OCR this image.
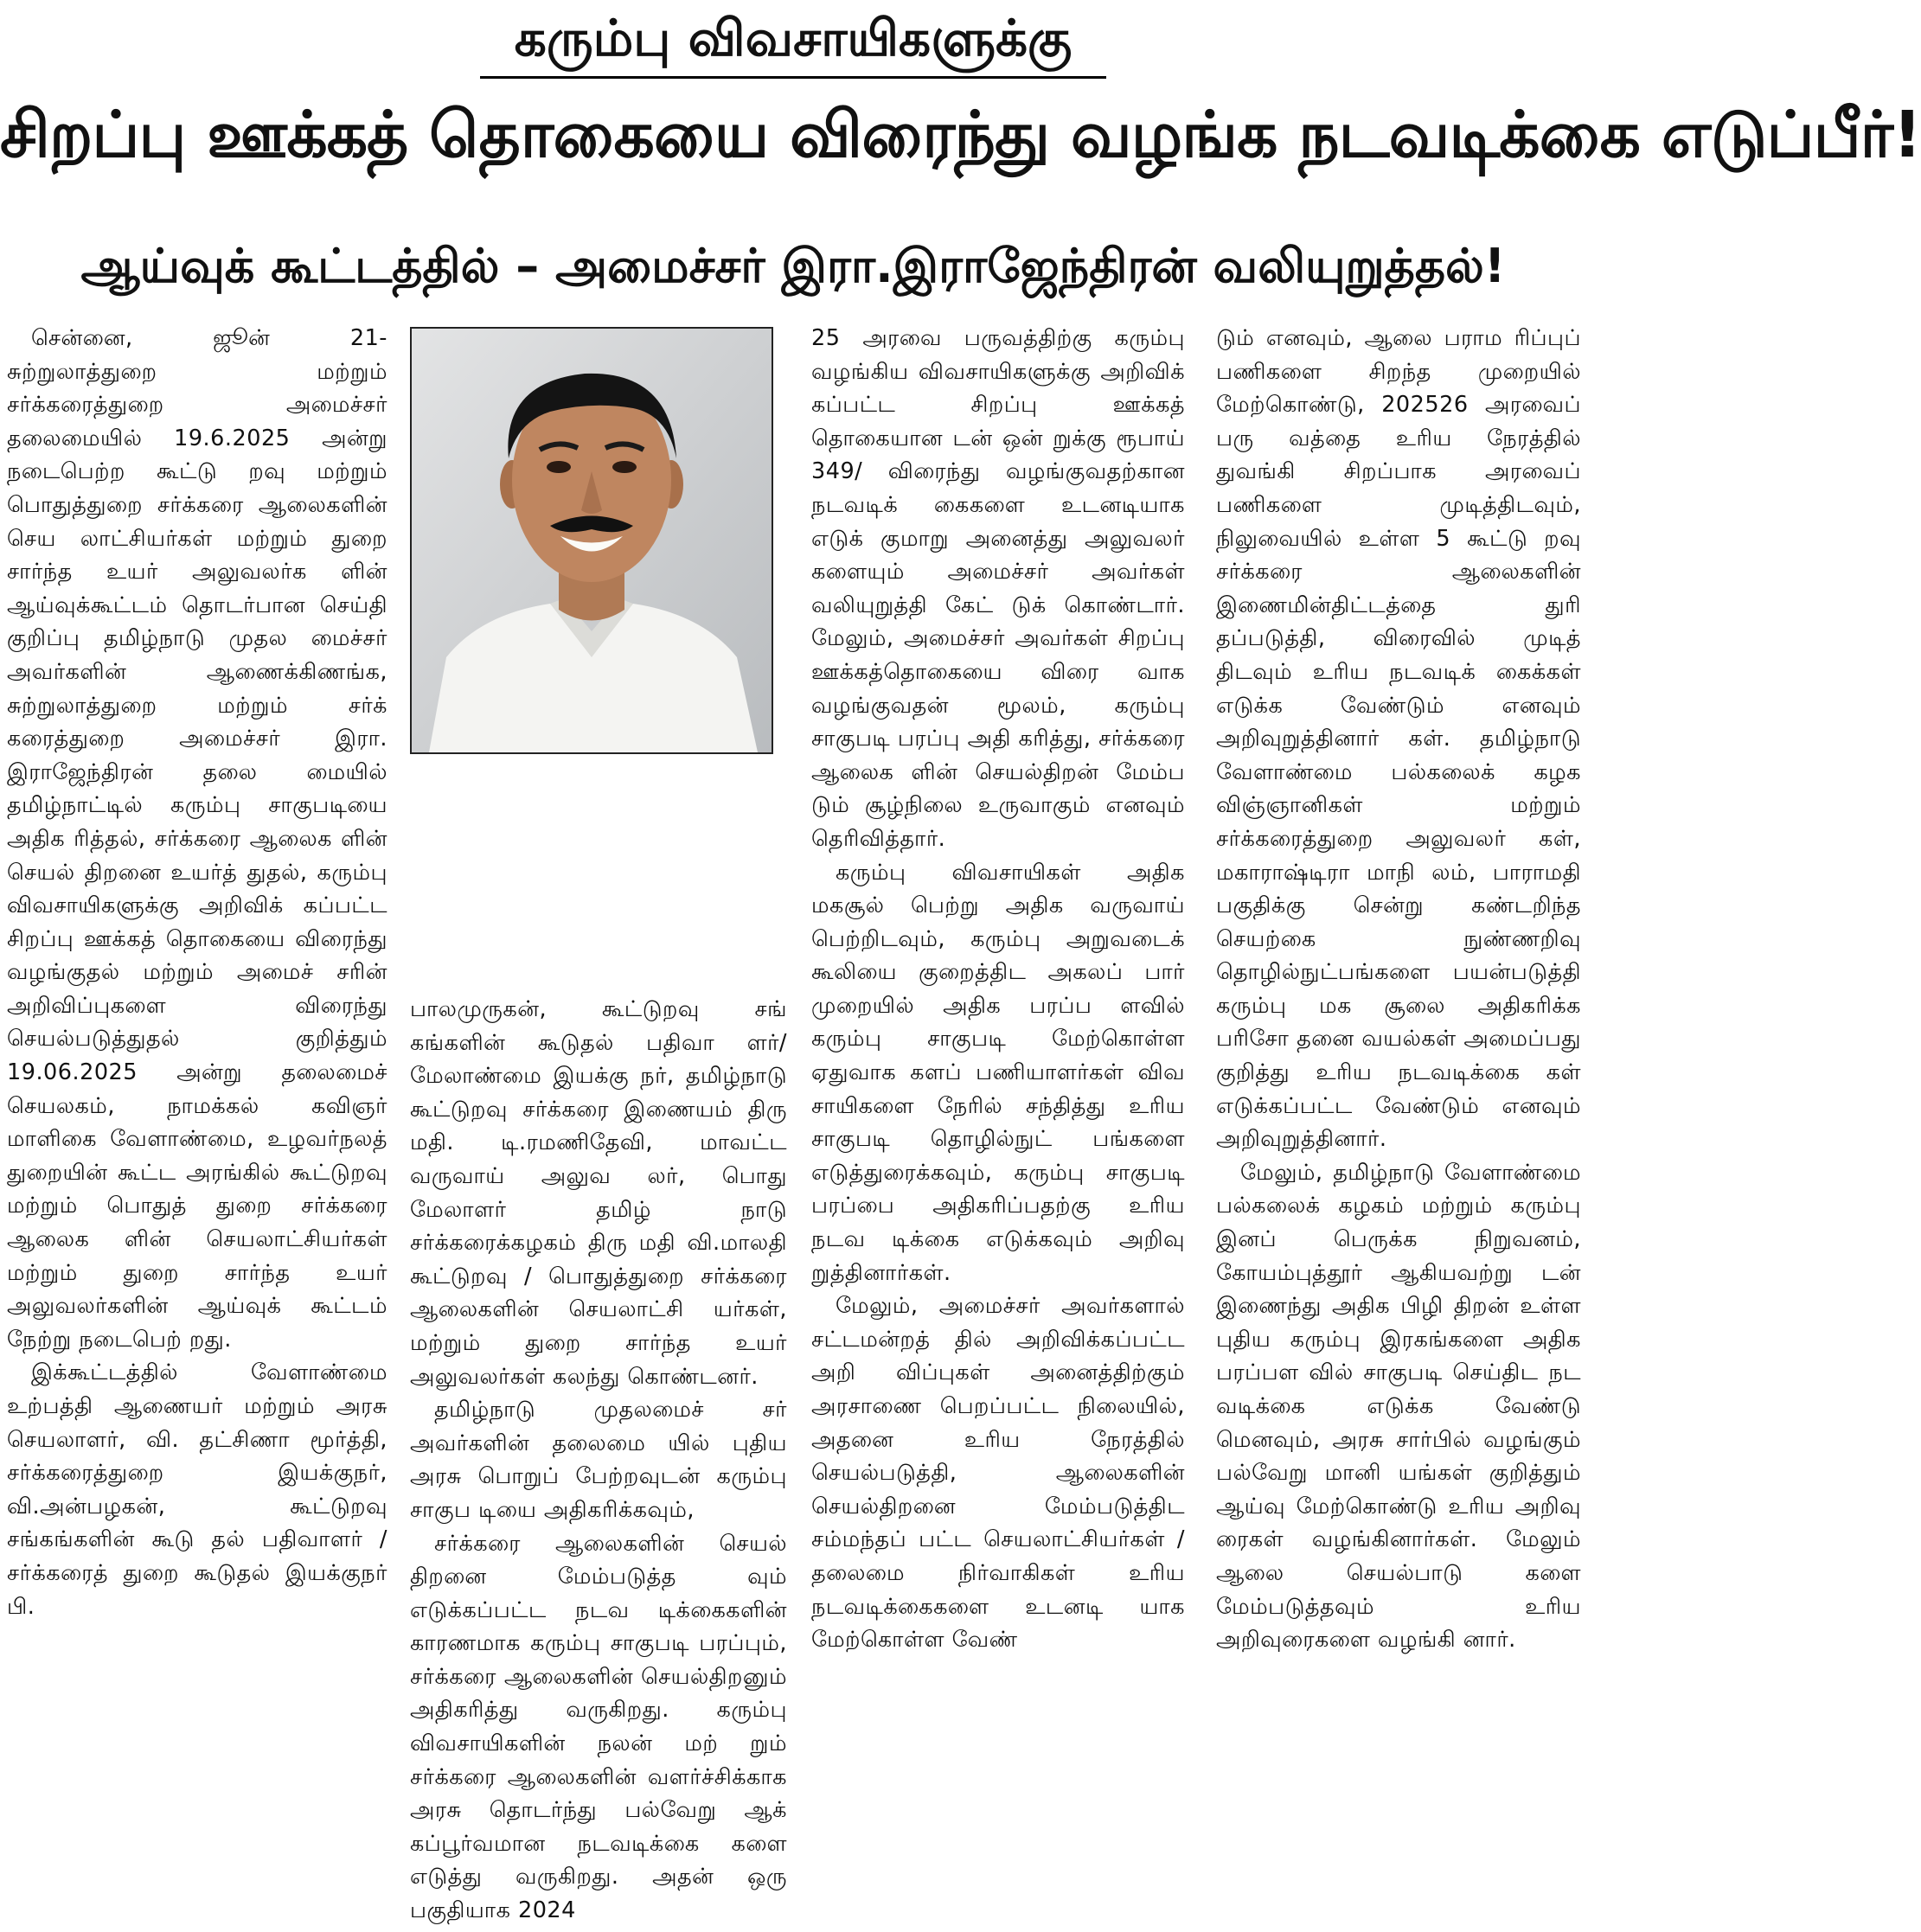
கரும்பு விவசாயிகளுக்கு
சிறப்பு ஊக்கத் தொகையை விரைந்து வழங்க நடவடிக்கை எடுப்பீர்!
ஆய்வுக் கூட்டத்தில் – அமைச்சர் இரா.இராஜேந்திரன் வலியுறுத்தல்!

சென்னை, ஜூன் 21- சுற்றுலாத்துறை மற்றும் சர்க்கரைத்துறை அமைச்சர் தலைமையில் 19.6.2025 அன்று நடைபெற்ற கூட்டு றவு மற்றும் பொதுத்துறை சர்க்கரை ஆலைகளின் செய லாட்சியர்கள் மற்றும் துறை சார்ந்த உயர் அலுவலர்க ளின் ஆய்வுக்கூட்டம் தொடர்பான செய்தி குறிப்பு தமிழ்நாடு முதல மைச்சர் அவர்களின் ஆணைக்கிணங்க, சுற்றுலாத்துறை மற்றும் சர்க் கரைத்துறை அமைச்சர் இரா. இராஜேந்திரன் தலை மையில் தமிழ்நாட்டில் கரும்பு சாகுபடியை அதிக ரித்தல், சர்க்கரை ஆலைக ளின் செயல் திறனை உயர்த் துதல், கரும்பு விவசாயிகளுக்கு அறிவிக் கப்பட்ட சிறப்பு ஊக்கத் தொகையை விரைந்து வழங்குதல் மற்றும் அமைச் சரின் அறிவிப்புகளை விரைந்து செயல்படுத்துதல் குறித்தும் 19.06.2025 அன்று தலைமைச் செயலகம், நாமக்கல் கவிஞர் மாளிகை வேளாண்மை, உழவர்நலத் துறையின் கூட்ட அரங்கில் கூட்டுறவு மற்றும் பொதுத் துறை சர்க்கரை ஆலைக ளின் செயலாட்சியர்கள் மற்றும் துறை சார்ந்த உயர் அலுவலர்களின் ஆய்வுக் கூட்டம் நேற்று நடைபெற் றது.

இக்கூட்டத்தில் வேளாண்மை உற்பத்தி ஆணையர் மற்றும் அரசு செயலாளர், வி. தட்சிணா மூர்த்தி, சர்க்கரைத்துறை இயக்குநர், வி.அன்பழகன், கூட்டுறவு சங்கங்களின் கூடு தல் பதிவாளர் / சர்க்கரைத் துறை கூடுதல் இயக்குநர் பி.

பாலமுருகன், கூட்டுறவு சங் கங்களின் கூடுதல் பதிவா ளர்/மேலாண்மை இயக்கு நர், தமிழ்நாடு கூட்டுறவு சர்க்கரை இணையம் திரு மதி. டி.ரமணிதேவி, மாவட்ட வருவாய் அலுவ லர், பொது மேலாளர் தமிழ் நாடு சர்க்கரைக்கழகம் திரு மதி வி.மாலதி கூட்டுறவு / பொதுத்துறை சர்க்கரை ஆலைகளின் செயலாட்சி யர்கள், மற்றும் துறை சார்ந்த உயர் அலுவலர்கள் கலந்து கொண்டனர்.

தமிழ்நாடு முதலமைச் சர் அவர்களின் தலைமை யில் புதிய அரசு பொறுப் பேற்றவுடன் கரும்பு சாகுப டியை அதிகரிக்கவும்,

சர்க்கரை ஆலைகளின் செயல் திறனை மேம்படுத்த வும் எடுக்கப்பட்ட நடவ டிக்கைகளின் காரணமாக கரும்பு சாகுபடி பரப்பும், சர்க்கரை ஆலைகளின் செயல்திறனும் அதிகரித்து வருகிறது. கரும்பு விவசாயிகளின் நலன் மற் றும் சர்க்கரை ஆலைகளின் வளர்ச்சிக்காக அரசு தொடர்ந்து பல்வேறு ஆக் கப்பூர்வமான நடவடிக்கை களை எடுத்து வருகிறது. அதன் ஒரு பகுதியாக 2024

25 அரவை பருவத்திற்கு கரும்பு வழங்கிய விவசாயிகளுக்கு அறிவிக் கப்பட்ட சிறப்பு ஊக்கத் தொகையான டன் ஒன் றுக்கு ரூபாய் 349/ விரைந்து வழங்குவதற்கான நடவடிக் கைகளை உடனடியாக எடுக் குமாறு அனைத்து அலுவலர் களையும் அமைச்சர் அவர்கள் வலியுறுத்தி கேட் டுக் கொண்டார். மேலும், அமைச்சர் அவர்கள் சிறப்பு ஊக்கத்தொகையை விரை வாக வழங்குவதன் மூலம், கரும்பு சாகுபடி பரப்பு அதி கரித்து, சர்க்கரை ஆலைக ளின் செயல்திறன் மேம்ப டும் சூழ்நிலை உருவாகும் எனவும் தெரிவித்தார்.

கரும்பு விவசாயிகள் அதிக மகசூல் பெற்று அதிக வருவாய் பெற்றிடவும், கரும்பு அறுவடைக் கூலியை குறைத்திட அகலப் பார் முறையில் அதிக பரப்ப ளவில் கரும்பு சாகுபடி மேற்கொள்ள ஏதுவாக களப் பணியாளர்கள் விவ சாயிகளை நேரில் சந்தித்து உரிய சாகுபடி தொழில்நுட் பங்களை எடுத்துரைக்கவும், கரும்பு சாகுபடி பரப்பை அதிகரிப்பதற்கு உரிய நடவ டிக்கை எடுக்கவும் அறிவு றுத்தினார்கள்.

மேலும், அமைச்சர் அவர்களால் சட்டமன்றத் தில் அறிவிக்கப்பட்ட அறி விப்புகள் அனைத்திற்கும் அரசாணை பெறப்பட்ட நிலையில், அதனை உரிய நேரத்தில் செயல்படுத்தி, ஆலைகளின் செயல்திறனை மேம்படுத்திட சம்மந்தப் பட்ட செயலாட்சியர்கள் / தலைமை நிர்வாகிகள் உரிய நடவடிக்கைகளை உடனடி யாக மேற்கொள்ள வேண்

டும் எனவும், ஆலை பராம ரிப்புப் பணிகளை சிறந்த முறையில் மேற்கொண்டு, 202526 அரவைப் பரு வத்தை உரிய நேரத்தில் துவங்கி சிறப்பாக அரவைப் பணிகளை முடித்திடவும், நிலுவையில் உள்ள 5 கூட்டு றவு சர்க்கரை ஆலைகளின் இணைமின்திட்டத்தை துரி தப்படுத்தி, விரைவில் முடித் திடவும் உரிய நடவடிக் கைக்கள் எடுக்க வேண்டும் எனவும் அறிவுறுத்தினார் கள். தமிழ்நாடு வேளாண்மை பல்கலைக் கழக விஞ்ஞானிகள் மற்றும் சர்க்கரைத்துறை அலுவலர் கள், மகாராஷ்டிரா மாநி லம், பாராமதி பகுதிக்கு சென்று கண்டறிந்த செயற்கை நுண்ணறிவு தொழில்நுட்பங்களை பயன்படுத்தி கரும்பு மக சூலை அதிகரிக்க பரிசோ தனை வயல்கள் அமைப்பது குறித்து உரிய நடவடிக்கை கள் எடுக்கப்பட்ட வேண்டும் எனவும் அறிவுறுத்தினார்.

மேலும், தமிழ்நாடு வேளாண்மை பல்கலைக் கழகம் மற்றும் கரும்பு இனப் பெருக்க நிறுவனம், கோயம்புத்தூர் ஆகியவற்று டன் இணைந்து அதிக பிழி திறன் உள்ள புதிய கரும்பு இரகங்களை அதிக பரப்பள வில் சாகுபடி செய்திட நட வடிக்கை எடுக்க வேண்டு மெனவும், அரசு சார்பில் வழங்கும் பல்வேறு மானி யங்கள் குறித்தும் ஆய்வு மேற்கொண்டு உரிய அறிவு ரைகள் வழங்கினார்கள். மேலும் ஆலை செயல்பாடு களை மேம்படுத்தவும் உரிய அறிவுரைகளை வழங்கி னார்.
